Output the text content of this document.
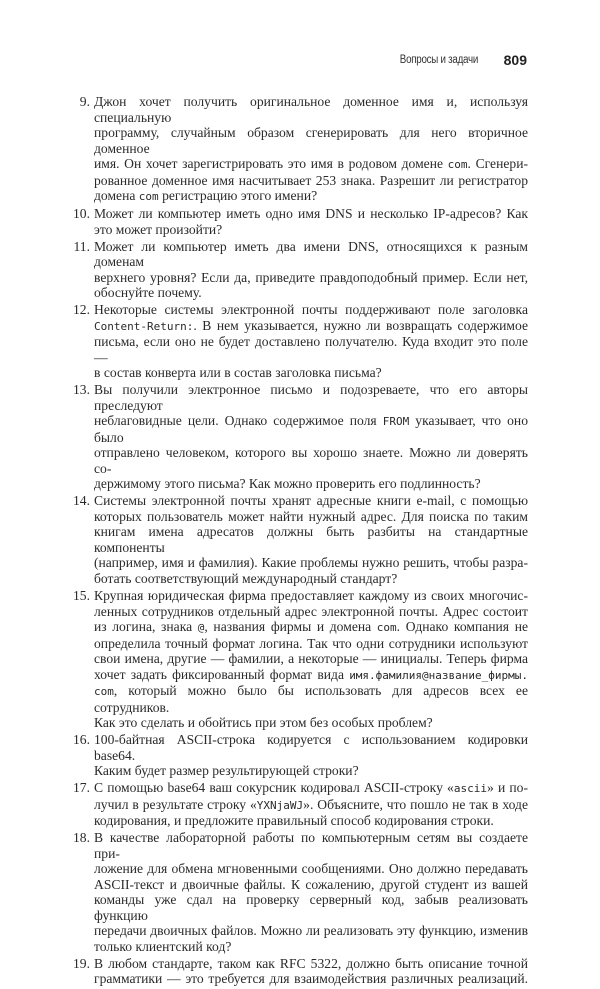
Вопросы и задачи 809
9. Джон хочет получить оригинальное доменное имя и, используя специальную
программу, случайным образом сгенерировать для него вторичное доменное
имя. Он хочет зарегистрировать это имя в родовом домене com. Сгенери-
рованное доменное имя насчитывает 253 знака. Разрешит ли регистратор
домена com регистрацию этого имени?
10. Может ли компьютер иметь одно имя DNS и несколько IP-адресов? Как
это может произойти?
11. Может ли компьютер иметь два имени DNS, относящихся к разным доменам
верхнего уровня? Если да, приведите правдоподобный пример. Если нет,
обоснуйте почему.
12. Некоторые системы электронной почты поддерживают поле заголовка
Content-Return:. В нем указывается, нужно ли возвращать содержимое
письма, если оно не будет доставлено получателю. Куда входит это поле —
в состав конверта или в состав заголовка письма?
13. Вы получили электронное письмо и подозреваете, что его авторы преследуют
неблаговидные цели. Однако содержимое поля FROM указывает, что оно было
отправлено человеком, которого вы хорошо знаете. Можно ли доверять со-
держимому этого письма? Как можно проверить его подлинность?
14. Системы электронной почты хранят адресные книги e-mail, с помощью
которых пользователь может найти нужный адрес. Для поиска по таким
книгам имена адресатов должны быть разбиты на стандартные компоненты
(например, имя и фамилия). Какие проблемы нужно решить, чтобы разра-
ботать соответствующий международный стандарт?
15. Крупная юридическая фирма предоставляет каждому из своих многочис-
ленных сотрудников отдельный адрес электронной почты. Адрес состоит
из логина, знака @, названия фирмы и домена com. Однако компания не
определила точный формат логина. Так что одни сотрудники используют
свои имена, другие — фамилии, а некоторые — инициалы. Теперь фирма
хочет задать фиксированный формат вида имя.фамилия@название_фирмы.
com, который можно было бы использовать для адресов всех ее сотрудников.
Как это сделать и обойтись при этом без особых проблем?
16. 100-байтная ASCII-строка кодируется с использованием кодировки base64.
Каким будет размер результирующей строки?
17. С помощью base64 ваш сокурсник кодировал ASCII-строку «ascii» и по-
лучил в результате строку «YXNjaWJ». Объясните, что пошло не так в ходе
кодирования, и предложите правильный способ кодирования строки.
18. В качестве лабораторной работы по компьютерным сетям вы создаете при-
ложение для обмена мгновенными сообщениями. Оно должно передавать
ASCII-текст и двоичные файлы. К сожалению, другой студент из вашей
команды уже сдал на проверку серверный код, забыв реализовать функцию
передачи двоичных файлов. Можно ли реализовать эту функцию, изменив
только клиентский код?
19. В любом стандарте, таком как RFC 5322, должно быть описание точной
грамматики — это требуется для взаимодействия различных реализаций.
